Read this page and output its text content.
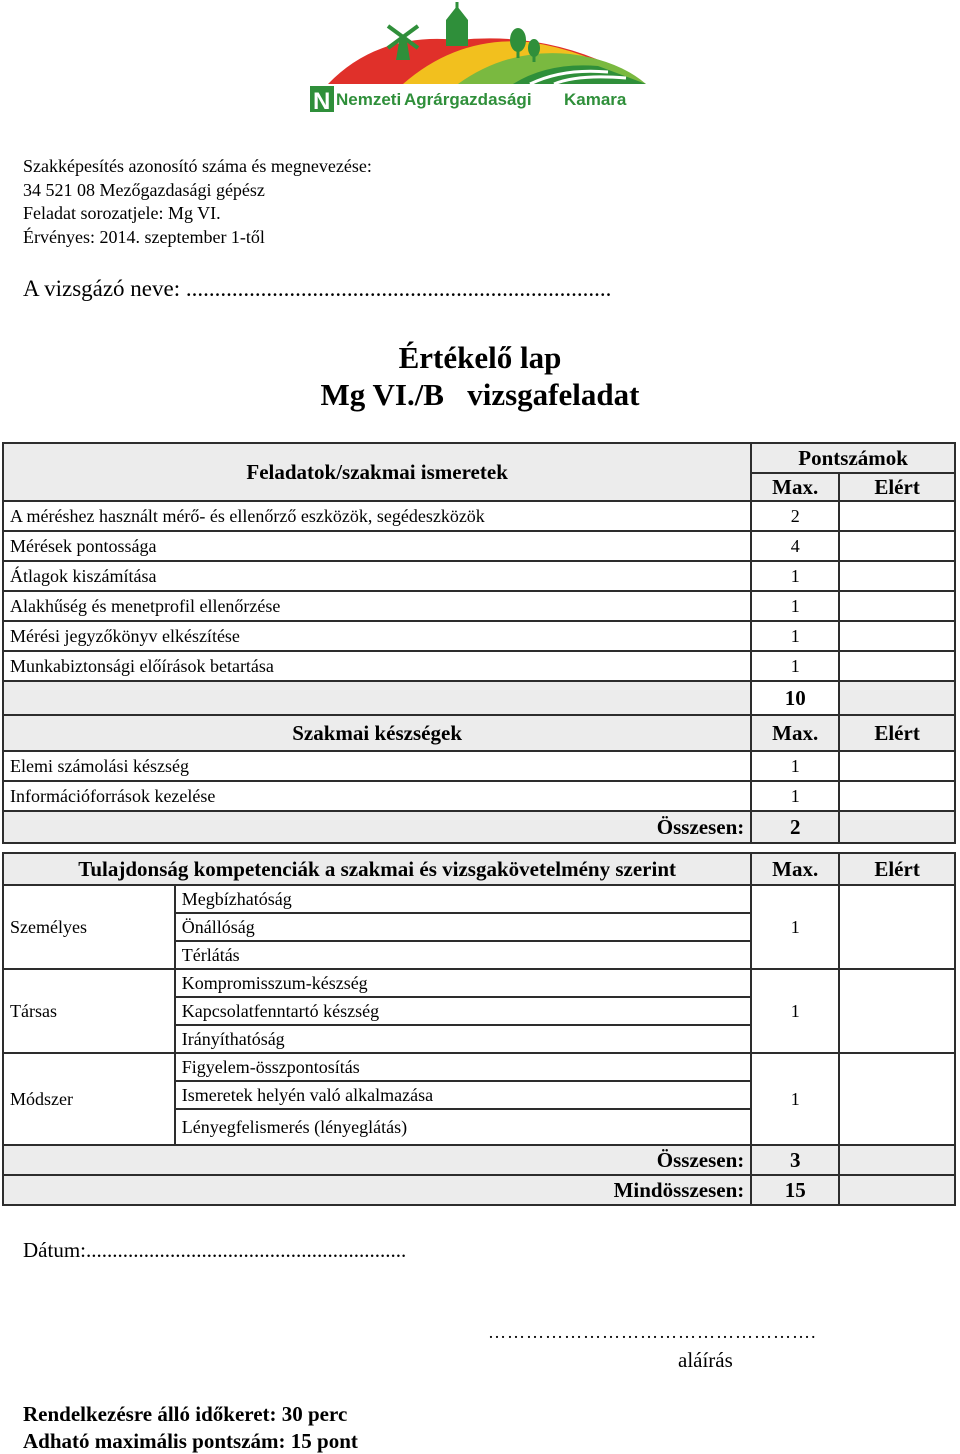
N Nemzeti Agrárgazdasági Kamara
Szakképesítés azonosító száma és megnevezése:
34 521 08 Mezőgazdasági gépész
Feladat sorozatjele: Mg VI.
Érvényes: 2014. szeptember 1-től
A vizsgázó neve: ..........................................................................
Értékelő lap
Mg VI./B   vizsgafeladat
Feladatok/szakmai ismeretek		Pontszámok	
		Max.	Elért
A méréshez használt mérő- és ellenőrző eszközök, segédeszközök		2	
Mérések pontossága		4	
Átlagok kiszámítása		1	
Alakhűség és menetprofil ellenőrzése		1	
Mérési jegyzőkönyv elkészítése		1	
Munkabiztonsági előírások betartása		1	
		10	
Szakmai készségek		Max.	Elért
Elemi számolási készség		1	
Információforrások kezelése		1	
Összesen:		2	

Tulajdonság kompetenciák a szakmai és vizsgakövetelmény szerint		Max.	Elért
Személyes	Megbízhatóság	1	
	Önállóság		
	Térlátás		
Társas	Kompromisszum-készség	1	
	Kapcsolatfenntartó készség		
	Irányíthatóság		
Módszer	Figyelem-összpontosítás	1	
	Ismeretek helyén való alkalmazása		
	Lényegfelismerés (lényeglátás)		
Összesen:		3	
Mindösszesen:		15	
Dátum:.............................................................
…………………………………………….
aláírás
Rendelkezésre álló időkeret: 30 perc
Adható maximális pontszám: 15 pont
